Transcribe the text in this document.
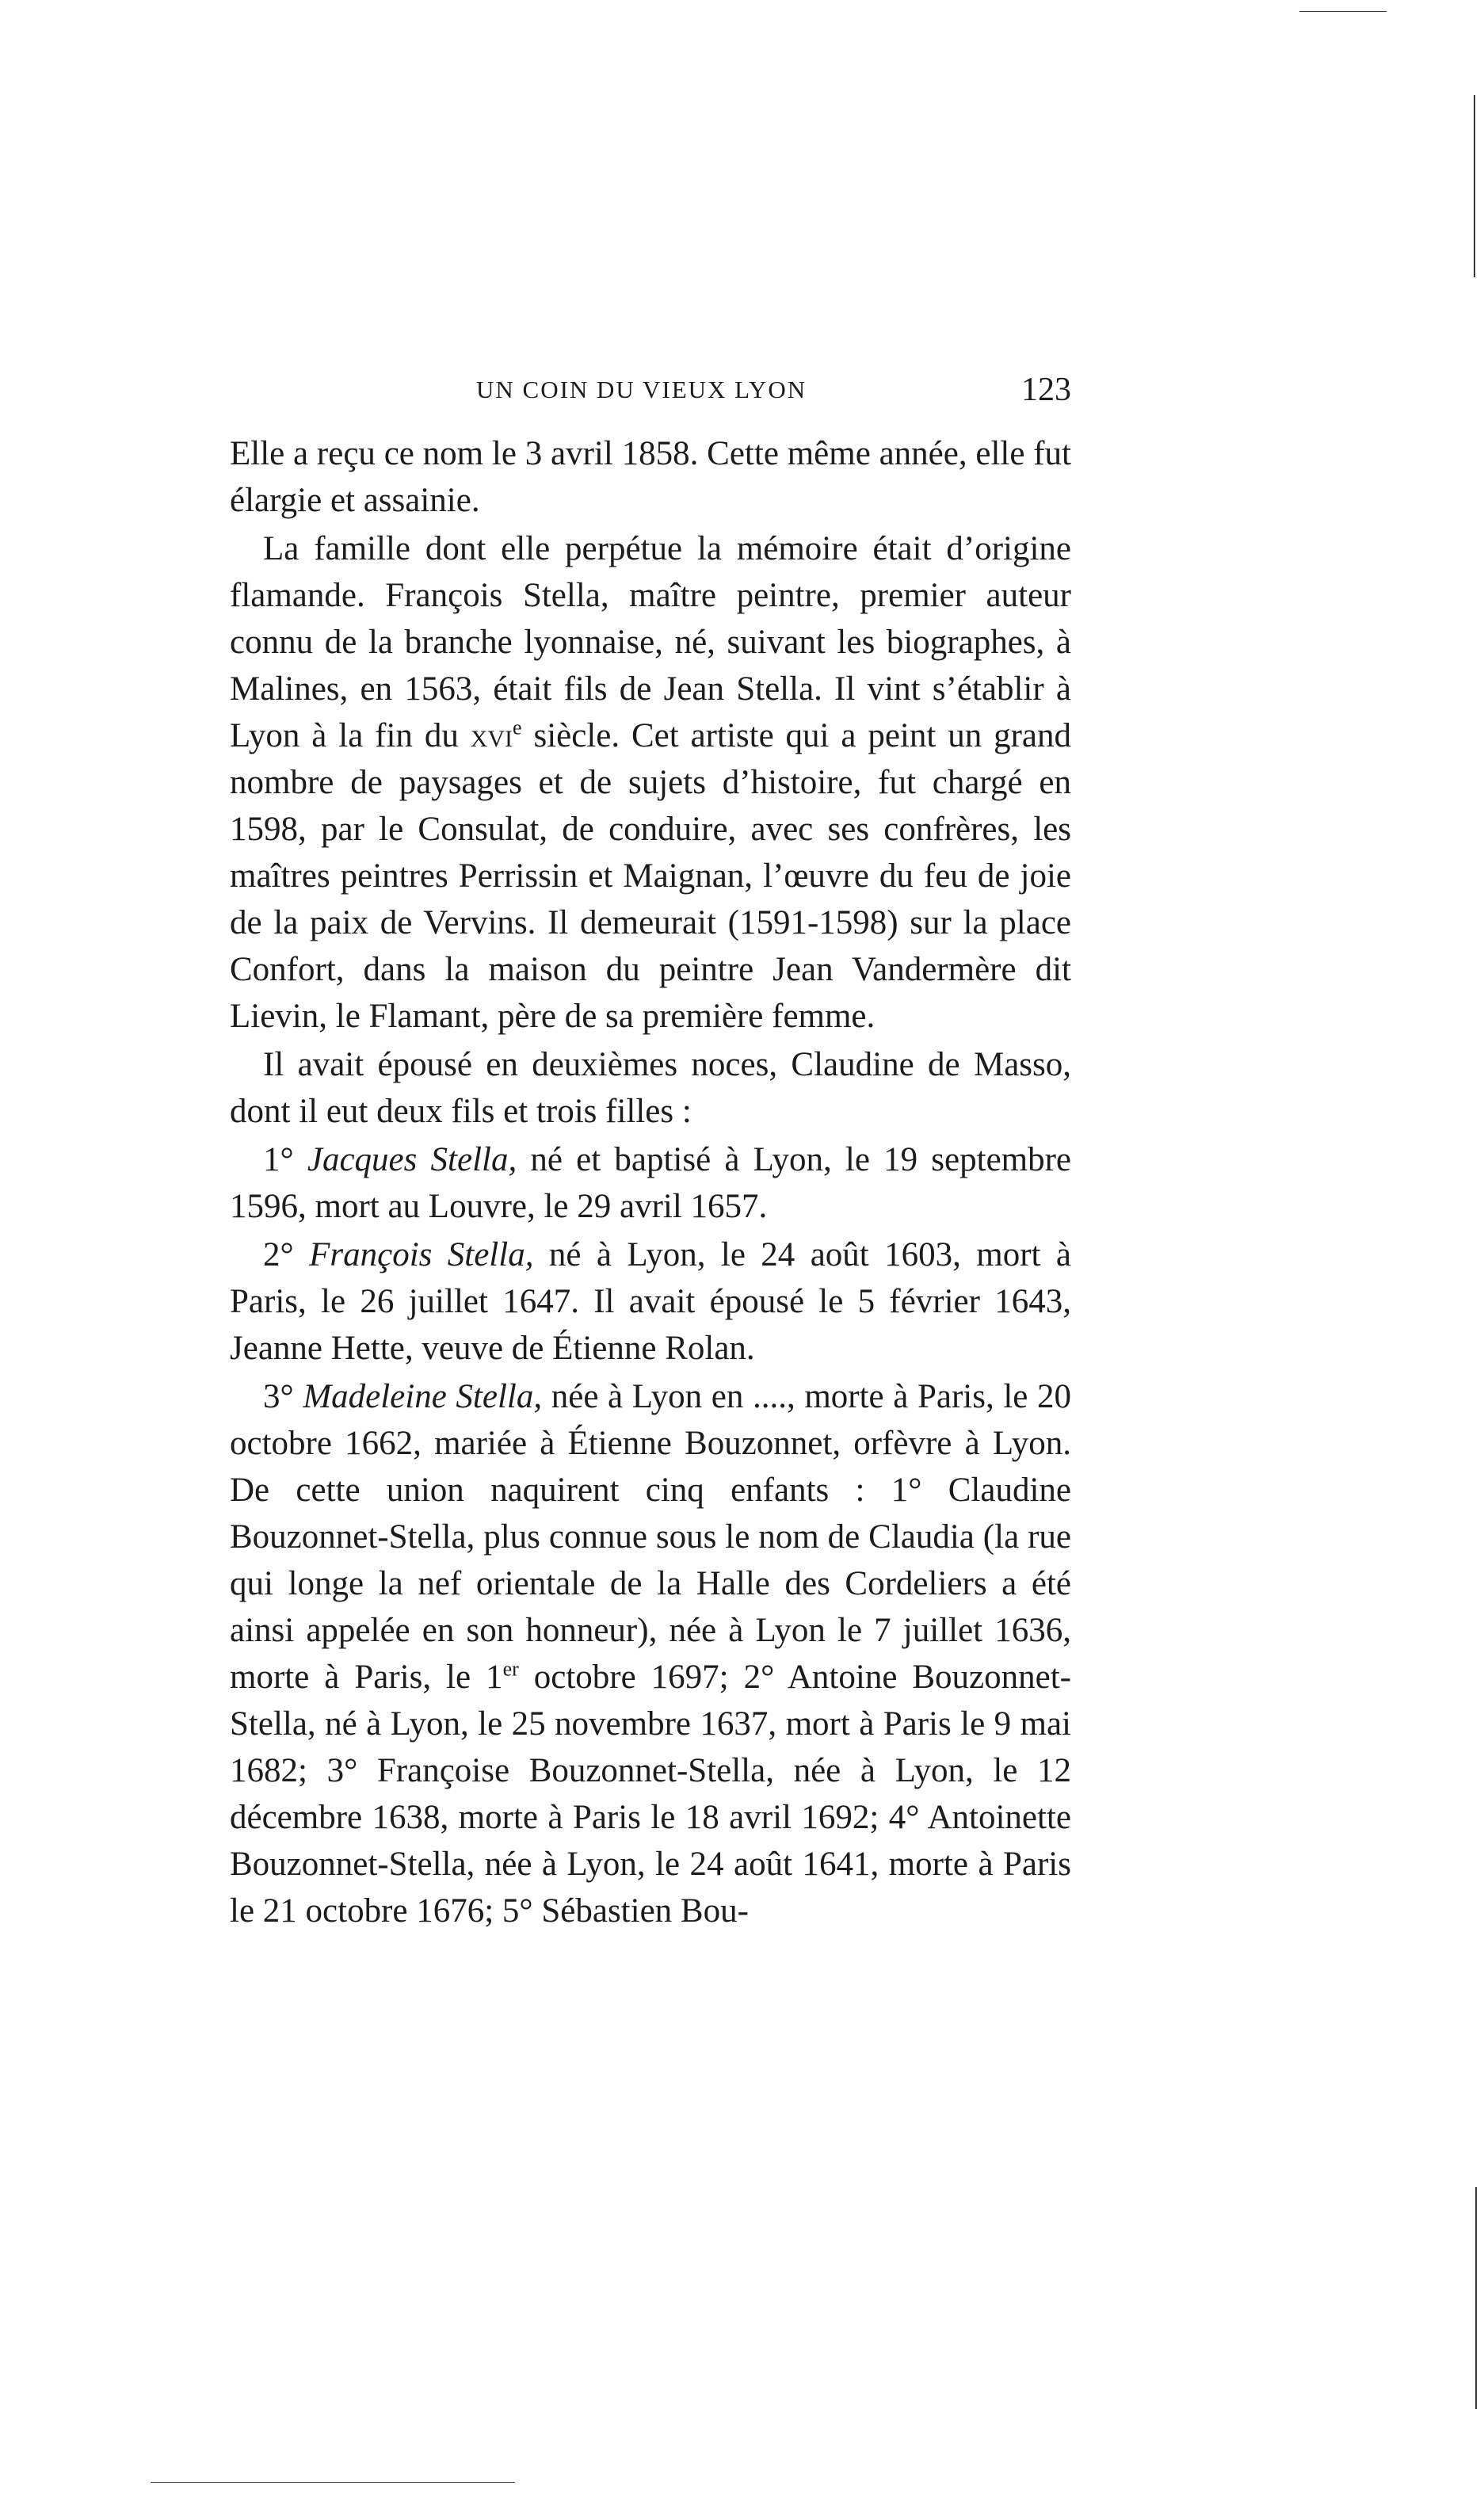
UN COIN DU VIEUX LYON	123

Elle a reçu ce nom le 3 avril 1858. Cette même année, elle fut élargie et assainie.

La famille dont elle perpétue la mémoire était d’origine flamande. François Stella, maître peintre, premier auteur connu de la branche lyonnaise, né, suivant les biographes, à Malines, en 1563, était fils de Jean Stella. Il vint s’établir à Lyon à la fin du xvi$^e$ siècle. Cet artiste qui a peint un grand nombre de paysages et de sujets d’histoire, fut chargé en 1598, par le Consulat, de conduire, avec ses confrères, les maîtres peintres Perrissin et Maignan, l’œuvre du feu de joie de la paix de Vervins. Il demeurait (1591-1598) sur la place Confort, dans la maison du peintre Jean Vandermère dit Lievin, le Flamant, père de sa première femme.

Il avait épousé en deuxièmes noces, Claudine de Masso, dont il eut deux fils et trois filles :

1° Jacques Stella, né et baptisé à Lyon, le 19 septembre 1596, mort au Louvre, le 29 avril 1657.

2° François Stella, né à Lyon, le 24 août 1603, mort à Paris, le 26 juillet 1647. Il avait épousé le 5 février 1643, Jeanne Hette, veuve de Étienne Rolan.

3° Madeleine Stella, née à Lyon en ...., morte à Paris, le 20 octobre 1662, mariée à Étienne Bouzonnet, orfèvre à Lyon. De cette union naquirent cinq enfants : 1° Claudine Bouzonnet-Stella, plus connue sous le nom de Claudia (la rue qui longe la nef orientale de la Halle des Cordeliers a été ainsi appelée en son honneur), née à Lyon le 7 juillet 1636, morte à Paris, le 1er octobre 1697; 2° Antoine Bouzonnet-Stella, né à Lyon, le 25 novembre 1637, mort à Paris le 9 mai 1682; 3° Françoise Bouzonnet-Stella, née à Lyon, le 12 décembre 1638, morte à Paris le 18 avril 1692; 4° Antoinette Bouzonnet-Stella, née à Lyon, le 24 août 1641, morte à Paris le 21 octobre 1676; 5° Sébastien Bou-
